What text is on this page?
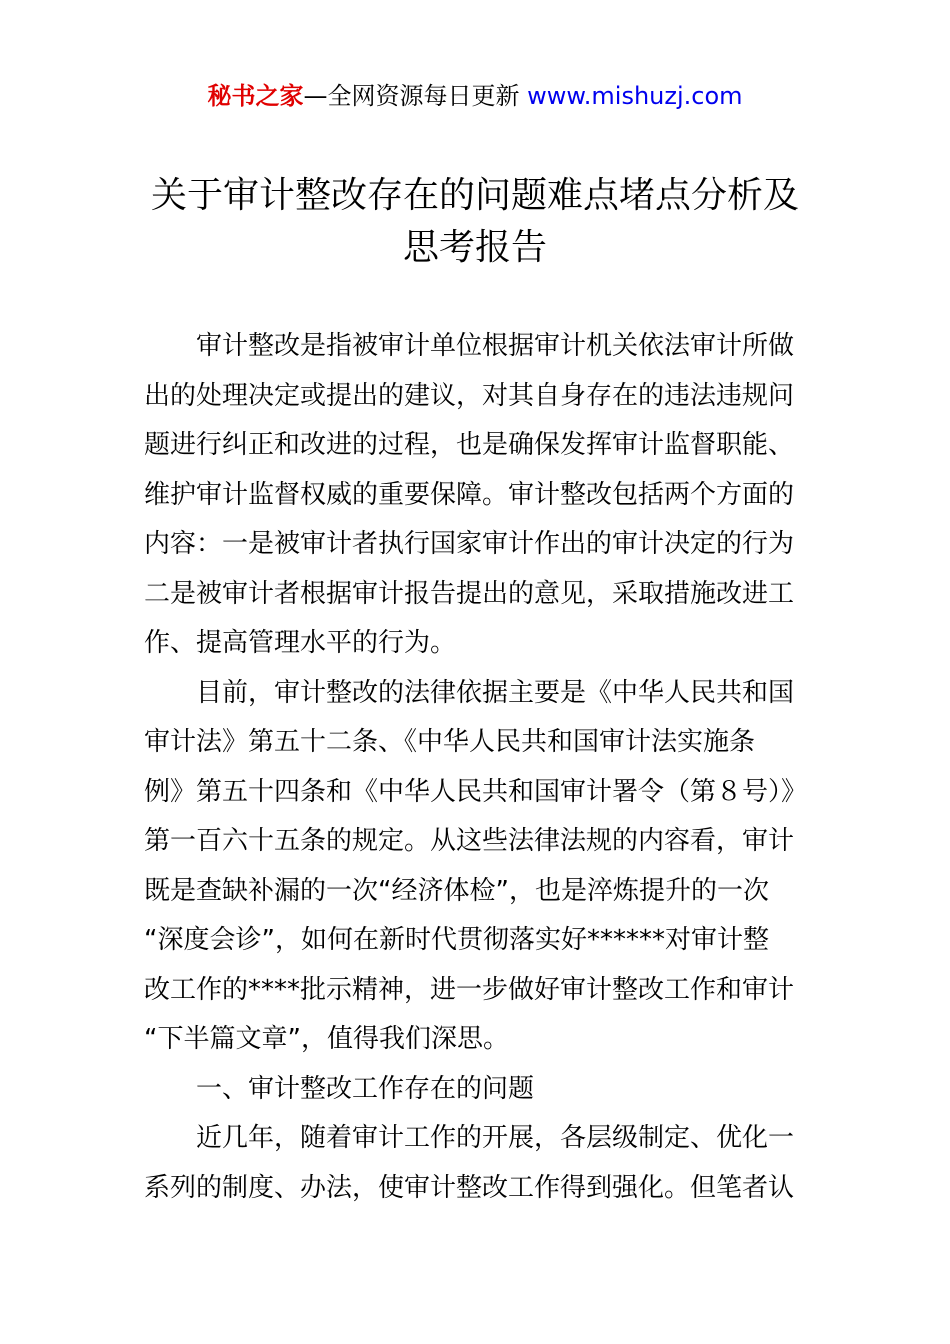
秘书之家—全网资源每日更新 www.mishuzj.com
关于审计整改存在的问题难点堵点分析及
思考报告
审计整改是指被审计单位根据审计机关依法审计所做
出的处理决定或提出的建议，对其自身存在的违法违规问
题进行纠正和改进的过程，也是确保发挥审计监督职能、
维护审计监督权威的重要保障。审计整改包括两个方面的
内容：一是被审计者执行国家审计作出的审计决定的行为
二是被审计者根据审计报告提出的意见，采取措施改进工
作、提高管理水平的行为。
目前，审计整改的法律依据主要是《中华人民共和国
审计法》第五十二条、《中华人民共和国审计法实施条
例》第五十四条和《中华人民共和国审计署令（第８号）》
第一百六十五条的规定。从这些法律法规的内容看，审计
既是查缺补漏的一次“经济体检”，也是淬炼提升的一次
“深度会诊”，如何在新时代贯彻落实好******对审计整
改工作的****批示精神，进一步做好审计整改工作和审计
“下半篇文章”，值得我们深思。
一、审计整改工作存在的问题
近几年，随着审计工作的开展，各层级制定、优化一
系列的制度、办法，使审计整改工作得到强化。但笔者认
